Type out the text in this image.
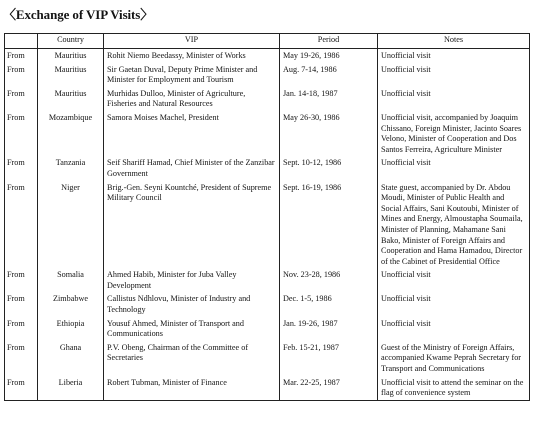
〈Exchange of VIP Visits〉
	Country	VIP	Period	Notes
From	Mauritius	Rohit Niemo Beedassy, Minister of Works	May 19-26, 1986	Unofficial visit
From	Mauritius	Sir Gaetan Duval, Deputy Prime Minister and Minister for Employment and Tourism	Aug. 7-14, 1986	Unofficial visit
From	Mauritius	Murhidas Dulloo, Minister of Agriculture, Fisheries and Natural Resources	Jan. 14-18, 1987	Unofficial visit
From	Mozambique	Samora Moises Machel, President	May 26-30, 1986	Unofficial visit, accompanied by Joaquim Chissano, Foreign Minister, Jacinto Soares Velono, Minister of Cooperation and Dos Santos Ferreira, Agriculture Minister
From	Tanzania	Seif Shariff Hamad, Chief Minister of the Zanzibar Government	Sept. 10-12, 1986	Unofficial visit
From	Niger	Brig.-Gen. Seyni Kountché, President of Supreme Military Council	Sept. 16-19, 1986	State guest, accompanied by Dr. Abdou Moudi, Minister of Public Health and Social Affairs, Sani Koutoubi, Minister of Mines and Energy, Almoustapha Soumaila, Minister of Planning, Mahamane Sani Bako, Minister of Foreign Affairs and Cooperation and Hama Hamadou, Director of the Cabinet of Presidential Office
From	Somalia	Ahmed Habib, Minister for Juba Valley Development	Nov. 23-28, 1986	Unofficial visit
From	Zimbabwe	Callistus Ndhlovu, Minister of Industry and Technology	Dec. 1-5, 1986	Unofficial visit
From	Ethiopia	Yousuf Ahmed, Minister of Transport and Communications	Jan. 19-26, 1987	Unofficial visit
From	Ghana	P.V. Obeng, Chairman of the Committee of Secretaries	Feb. 15-21, 1987	Guest of the Ministry of Foreign Affairs, accompanied Kwame Peprah Secretary for Transport and Communications
From	Liberia	Robert Tubman, Minister of Finance	Mar. 22-25, 1987	Unofficial visit to attend the seminar on the flag of convenience system
